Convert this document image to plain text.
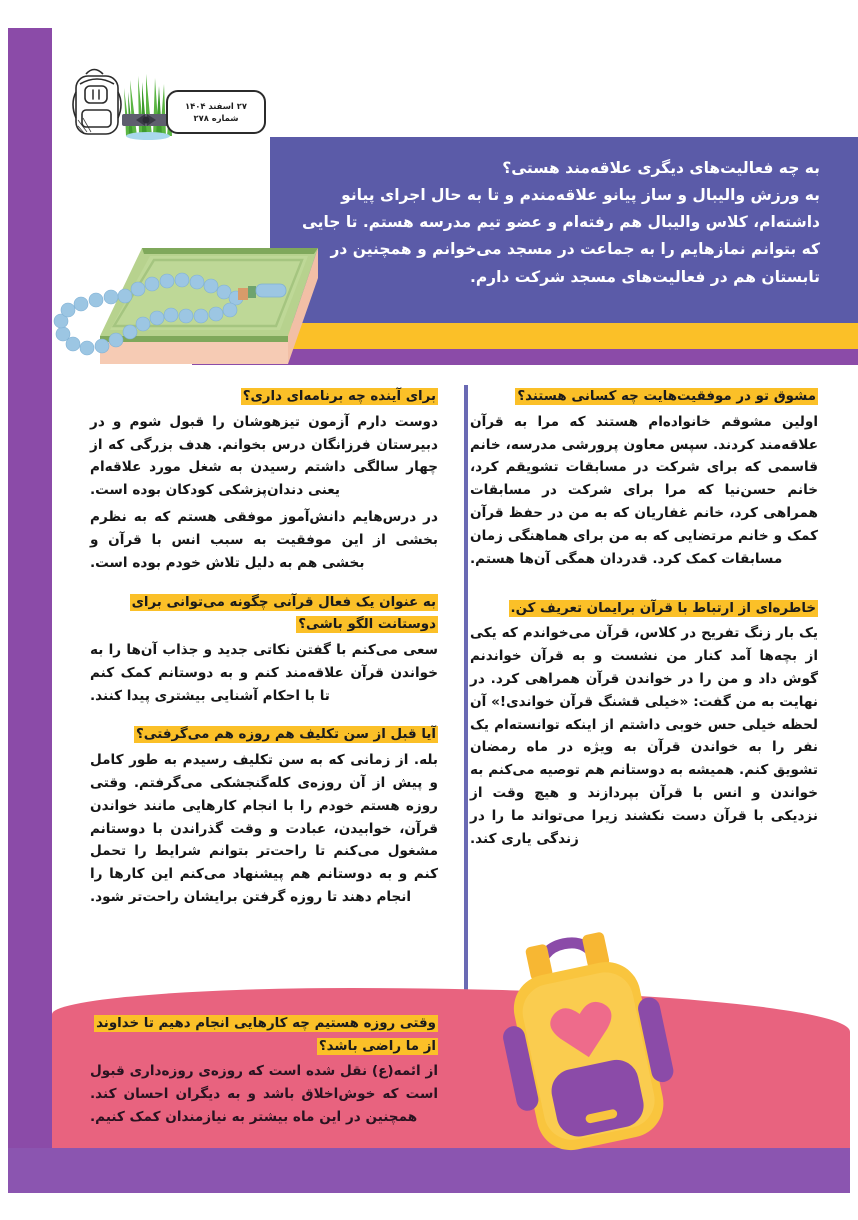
به چه فعالیت‌های دیگری علاقه‌مند هستی؟
به ورزش والیبال و ساز پیانو علاقه‌مندم و تا به حال اجرای پیانو داشته‌ام، کلاس والیبال هم رفته‌ام و عضو تیم مدرسه هستم. تا جایی که بتوانم نمازهایم را به جماعت در مسجد می‌خوانم و همچنین در تابستان هم در فعالیت‌های مسجد شرکت دارم.
۲۷ اسفند ۱۴۰۴
شماره ۲۷۸
مشوق تو در موفقیت‌هایت چه کسانی هستند؟

اولین مشوقم خانواده‌ام هستند که مرا به قرآن علاقه‌مند کردند. سپس معاون پرورشی مدرسه، خانم قاسمی که برای شرکت در مسابقات تشویقم کرد، خانم حسن‌نیا که مرا برای شرکت در مسابقات همراهی کرد، خانم غفاریان که به من در حفظ قرآن کمک و خانم مرتضایی که به من برای هماهنگی زمان مسابقات کمک کرد. قدردان همگی آن‌ها هستم.

خاطره‌ای از ارتباط با قرآن برایمان تعریف کن.

یک بار زنگ تفریح در کلاس، قرآن می‌خواندم که یکی از بچه‌ها آمد کنار من نشست و به قرآن خواندنم گوش داد و من را در خواندن قرآن همراهی کرد. در نهایت به من گفت: «خیلی قشنگ قرآن خواندی!» آن لحظه خیلی حس خوبی داشتم از اینکه توانسته‌ام یک نفر را به خواندن قرآن به ویژه در ماه رمضان تشویق کنم. همیشه به دوستانم هم توصیه می‌کنم به خواندن و انس با قرآن بپردازند و هیچ وقت از نزدیکی با قرآن دست نکشند زیرا می‌تواند ما را در زندگی یاری کند.

برای آینده چه برنامه‌ای داری؟

دوست دارم آزمون تیزهوشان را قبول شوم و در دبیرستان فرزانگان درس بخوانم. هدف بزرگی که از چهار سالگی داشتم رسیدن به شغل مورد علاقه‌ام یعنی دندان‌پزشکی کودکان بوده است.

در درس‌هایم دانش‌آموز موفقی هستم که به نظرم بخشی از این موفقیت به سبب انس با قرآن و بخشی هم به دلیل تلاش خودم بوده است.

به عنوان یک فعال قرآنی چگونه می‌توانی برای دوستانت الگو باشی؟

سعی می‌کنم با گفتن نکاتی جدید و جذاب آن‌ها را به خواندن قرآن علاقه‌مند کنم و به دوستانم کمک کنم تا با احکام آشنایی بیشتری پیدا کنند.

آیا قبل از سن تکلیف هم روزه هم می‌گرفتی؟

بله. از زمانی که به سن تکلیف رسیدم به طور کامل و پیش از آن روزه‌ی کله‌گنجشکی می‌گرفتم. وقتی روزه هستم خودم را با انجام کارهایی مانند خواندن قرآن، خوابیدن، عبادت و وقت گذراندن با دوستانم مشغول می‌کنم تا راحت‌تر بتوانم شرایط را تحمل کنم و به دوستانم هم پیشنهاد می‌کنم این کارها را انجام دهند تا روزه گرفتن برایشان راحت‌تر شود.

وقتی روزه هستیم چه کارهایی انجام دهیم تا خداوند از ما راضی باشد؟

از ائمه(ع) نقل شده است که روزه‌ی روزه‌داری قبول است که خوش‌اخلاق باشد و به دیگران احسان کند. همچنین در این ماه بیشتر به نیازمندان کمک کنیم.
